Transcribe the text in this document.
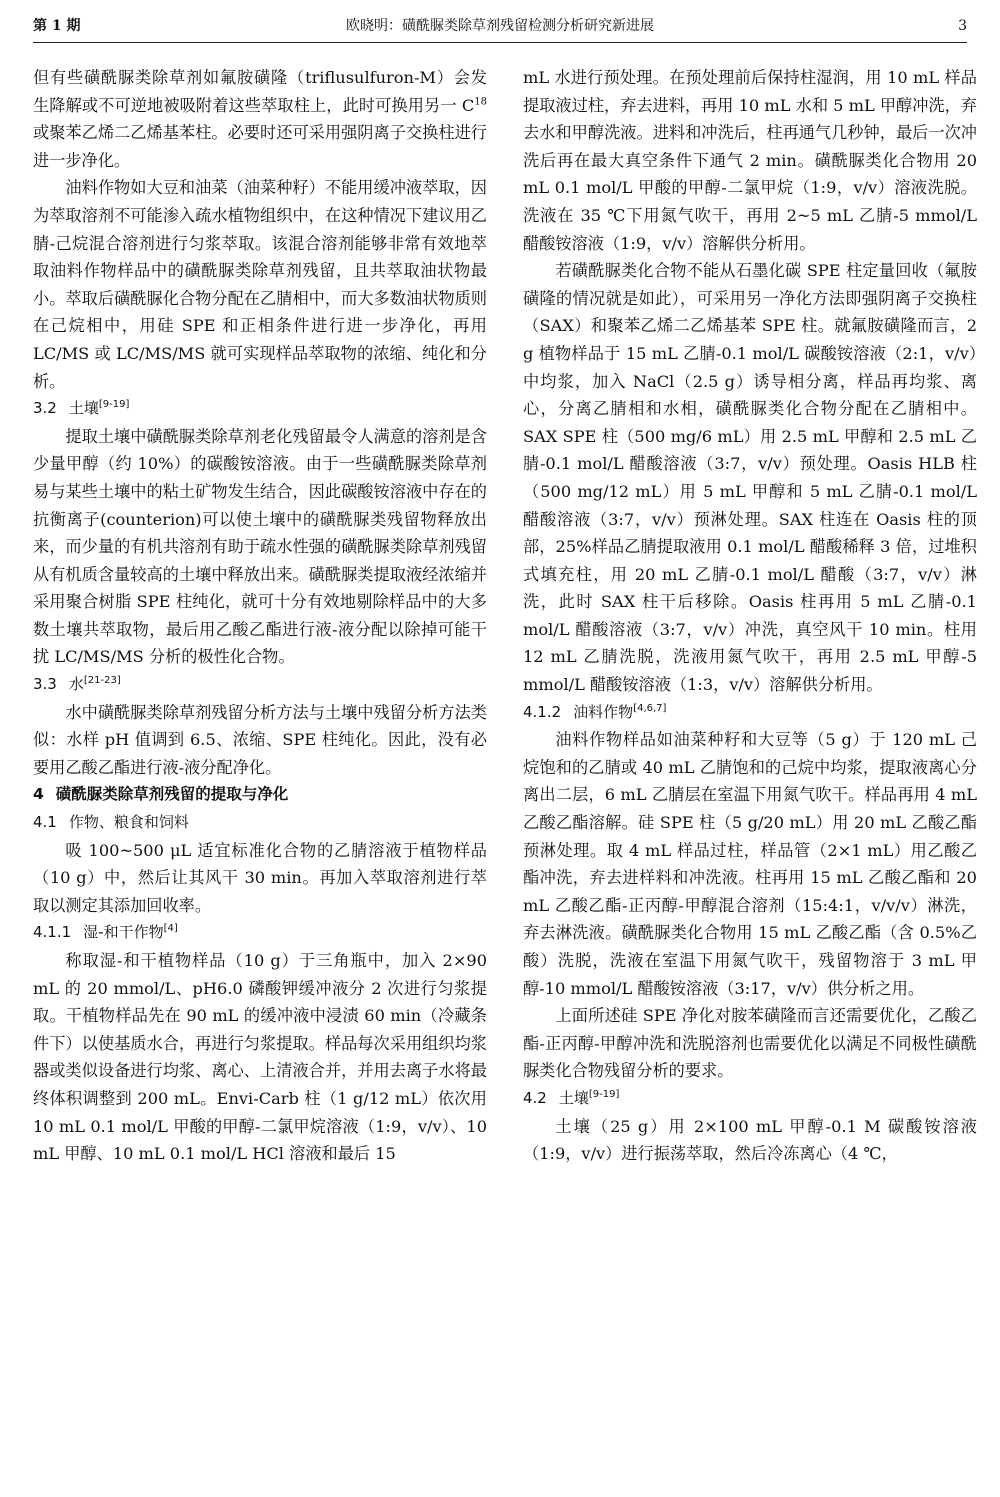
第 1 期	欧晓明：磺酰脲类除草剂残留检测分析研究新进展	3

但有些磺酰脲类除草剂如氟胺磺隆（triflusulfuron-M）会发生降解或不可逆地被吸附着这些萃取柱上，此时可换用另一 $C^{18}$ 或聚苯乙烯二乙烯基苯柱。必要时还可采用强阴离子交换柱进行进一步净化。

油料作物如大豆和油菜（油菜种籽）不能用缓冲液萃取，因为萃取溶剂不可能渗入疏水植物组织中，在这种情况下建议用乙腈-己烷混合溶剂进行匀浆萃取。该混合溶剂能够非常有效地萃取油料作物样品中的磺酰脲类除草剂残留，且共萃取油状物最小。萃取后磺酰脲化合物分配在乙腈相中，而大多数油状物质则在己烷相中，用硅 SPE 和正相条件进行进一步净化，再用 LC/MS 或 LC/MS/MS 就可实现样品萃取物的浓缩、纯化和分析。

3.2 土壤[9-19]

提取土壤中磺酰脲类除草剂老化残留最令人满意的溶剂是含少量甲醇（约 10%）的碳酸铵溶液。由于一些磺酰脲类除草剂易与某些土壤中的粘土矿物发生结合，因此碳酸铵溶液中存在的抗衡离子(counterion)可以使土壤中的磺酰脲类残留物释放出来，而少量的有机共溶剂有助于疏水性强的磺酰脲类除草剂残留从有机质含量较高的土壤中释放出来。磺酰脲类提取液经浓缩并采用聚合树脂 SPE 柱纯化，就可十分有效地剔除样品中的大多数土壤共萃取物，最后用乙酸乙酯进行液-液分配以除掉可能干扰 LC/MS/MS 分析的极性化合物。

3.3 水[21-23]

水中磺酰脲类除草剂残留分析方法与土壤中残留分析方法类似：水样 pH 值调到 6.5、浓缩、SPE 柱纯化。因此，没有必要用乙酸乙酯进行液-液分配净化。

4 磺酰脲类除草剂残留的提取与净化

4.1 作物、粮食和饲料

吸 100~500 μL 适宜标准化合物的乙腈溶液于植物样品（10 g）中，然后让其风干 30 min。再加入萃取溶剂进行萃取以测定其添加回收率。

4.1.1 湿-和干作物[4]

称取湿-和干植物样品（10 g）于三角瓶中，加入 2×90 mL 的 20 mmol/L、pH6.0 磷酸钾缓冲液分 2 次进行匀浆提取。干植物样品先在 90 mL 的缓冲液中浸渍 60 min（冷藏条件下）以使基质水合，再进行匀浆提取。样品每次采用组织均浆器或类似设备进行均浆、离心、上清液合并，并用去离子水将最终体积调整到 200 mL。Envi-Carb 柱（1 g/12 mL）依次用 10 mL 0.1 mol/L 甲酸的甲醇-二氯甲烷溶液（1:9，v/v）、10 mL 甲醇、10 mL 0.1 mol/L HCl 溶液和最后 15

mL 水进行预处理。在预处理前后保持柱湿润，用 10 mL 样品提取液过柱，弃去进料，再用 10 mL 水和 5 mL 甲醇冲洗，弃去水和甲醇洗液。进料和冲洗后，柱再通气几秒钟，最后一次冲洗后再在最大真空条件下通气 2 min。磺酰脲类化合物用 20 mL 0.1 mol/L 甲酸的甲醇-二氯甲烷（1:9，v/v）溶液洗脱。洗液在 35 ℃下用氮气吹干，再用 2~5 mL 乙腈-5 mmol/L 醋酸铵溶液（1:9，v/v）溶解供分析用。

若磺酰脲类化合物不能从石墨化碳 SPE 柱定量回收（氟胺磺隆的情况就是如此），可采用另一净化方法即强阴离子交换柱（SAX）和聚苯乙烯二乙烯基苯 SPE 柱。就氟胺磺隆而言，2 g 植物样品于 15 mL 乙腈-0.1 mol/L 碳酸铵溶液（2:1，v/v）中均浆，加入 NaCl（2.5 g）诱导相分离，样品再均浆、离心，分离乙腈相和水相，磺酰脲类化合物分配在乙腈相中。SAX SPE 柱（500 mg/6 mL）用 2.5 mL 甲醇和 2.5 mL 乙腈-0.1 mol/L 醋酸溶液（3:7，v/v）预处理。Oasis HLB 柱（500 mg/12 mL）用 5 mL 甲醇和 5 mL 乙腈-0.1 mol/L 醋酸溶液（3:7，v/v）预淋处理。SAX 柱连在 Oasis 柱的顶部，25%样品乙腈提取液用 0.1 mol/L 醋酸稀释 3 倍，过堆积式填充柱，用 20 mL 乙腈-0.1 mol/L 醋酸（3:7，v/v）淋洗，此时 SAX 柱干后移除。Oasis 柱再用 5 mL 乙腈-0.1 mol/L 醋酸溶液（3:7，v/v）冲洗，真空风干 10 min。柱用 12 mL 乙腈洗脱，洗液用氮气吹干，再用 2.5 mL 甲醇-5 mmol/L 醋酸铵溶液（1:3，v/v）溶解供分析用。

4.1.2 油料作物[4,6,7]

油料作物样品如油菜种籽和大豆等（5 g）于 120 mL 己烷饱和的乙腈或 40 mL 乙腈饱和的己烷中均浆，提取液离心分离出二层，6 mL 乙腈层在室温下用氮气吹干。样品再用 4 mL 乙酸乙酯溶解。硅 SPE 柱（5 g/20 mL）用 20 mL 乙酸乙酯预淋处理。取 4 mL 样品过柱，样品管（2×1 mL）用乙酸乙酯冲洗，弃去进样料和冲洗液。柱再用 15 mL 乙酸乙酯和 20 mL 乙酸乙酯-正丙醇-甲醇混合溶剂（15:4:1，v/v/v）淋洗，弃去淋洗液。磺酰脲类化合物用 15 mL 乙酸乙酯（含 0.5%乙酸）洗脱，洗液在室温下用氮气吹干，残留物溶于 3 mL 甲醇-10 mmol/L 醋酸铵溶液（3:17，v/v）供分析之用。

上面所述硅 SPE 净化对胺苯磺隆而言还需要优化，乙酸乙酯-正丙醇-甲醇冲洗和洗脱溶剂也需要优化以满足不同极性磺酰脲类化合物残留分析的要求。

4.2 土壤[9-19]

土壤（25 g）用 2×100 mL 甲醇-0.1 M 碳酸铵溶液（1:9，v/v）进行振荡萃取，然后冷冻离心（4 ℃，
